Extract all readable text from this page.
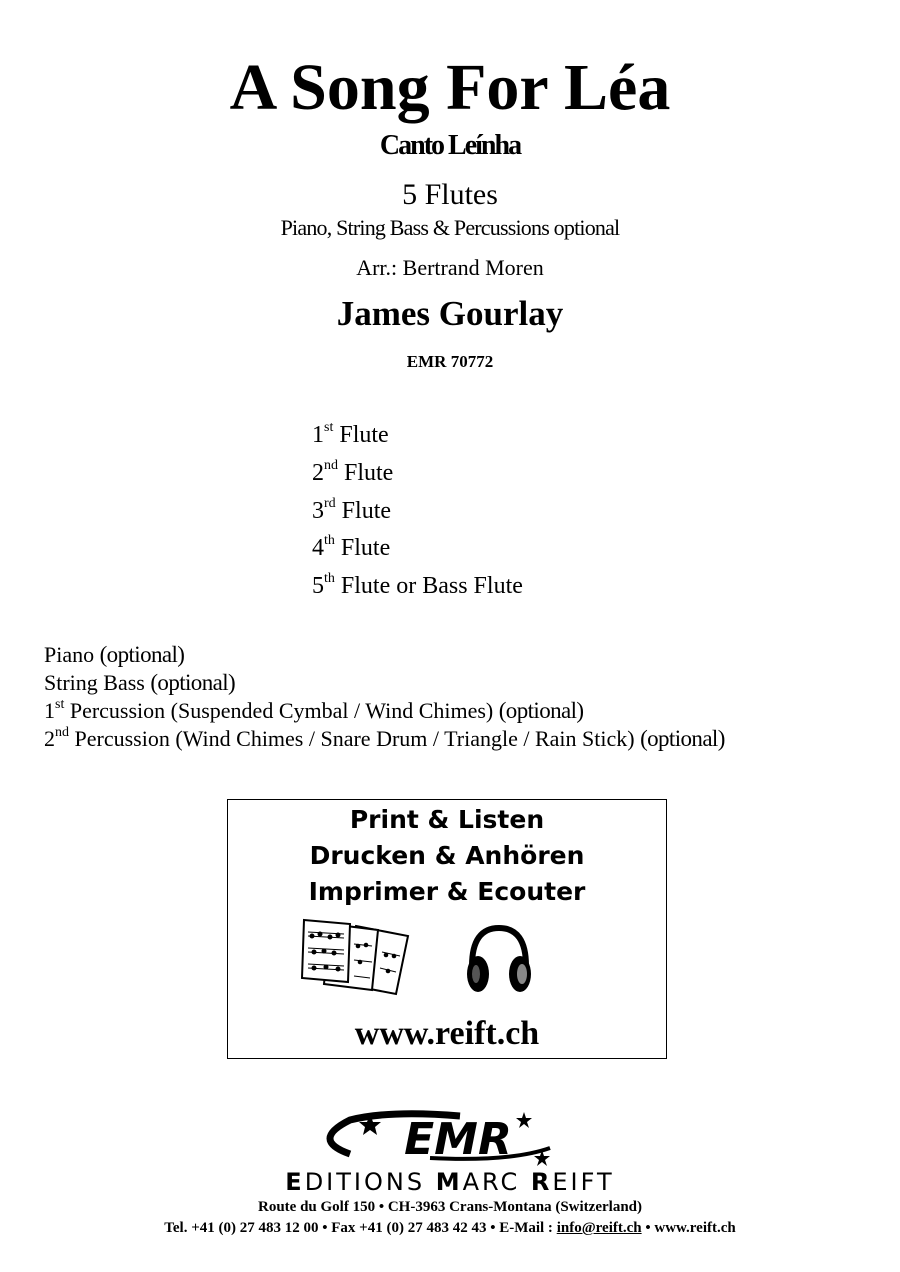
A Song For Léa
Canto Leínha
5 Flutes
Piano, String Bass & Percussions optional
Arr.: Bertrand Moren
James Gourlay
EMR 70772
1st Flute
2nd Flute
3rd Flute
4th Flute
5th Flute or Bass Flute
Piano (optional)
String Bass (optional)
1st Percussion (Suspended Cymbal / Wind Chimes) (optional)
2nd Percussion (Wind Chimes / Snare Drum / Triangle / Rain Stick) (optional)
Print & Listen
Drucken & Anhören
Imprimer & Ecouter
www.reift.ch
EMR
EDITIONS MARC REIFT
Route du Golf 150 • CH-3963 Crans-Montana (Switzerland)
Tel. +41 (0) 27 483 12 00 • Fax +41 (0) 27 483 42 43 • E-Mail : info@reift.ch • www.reift.ch
